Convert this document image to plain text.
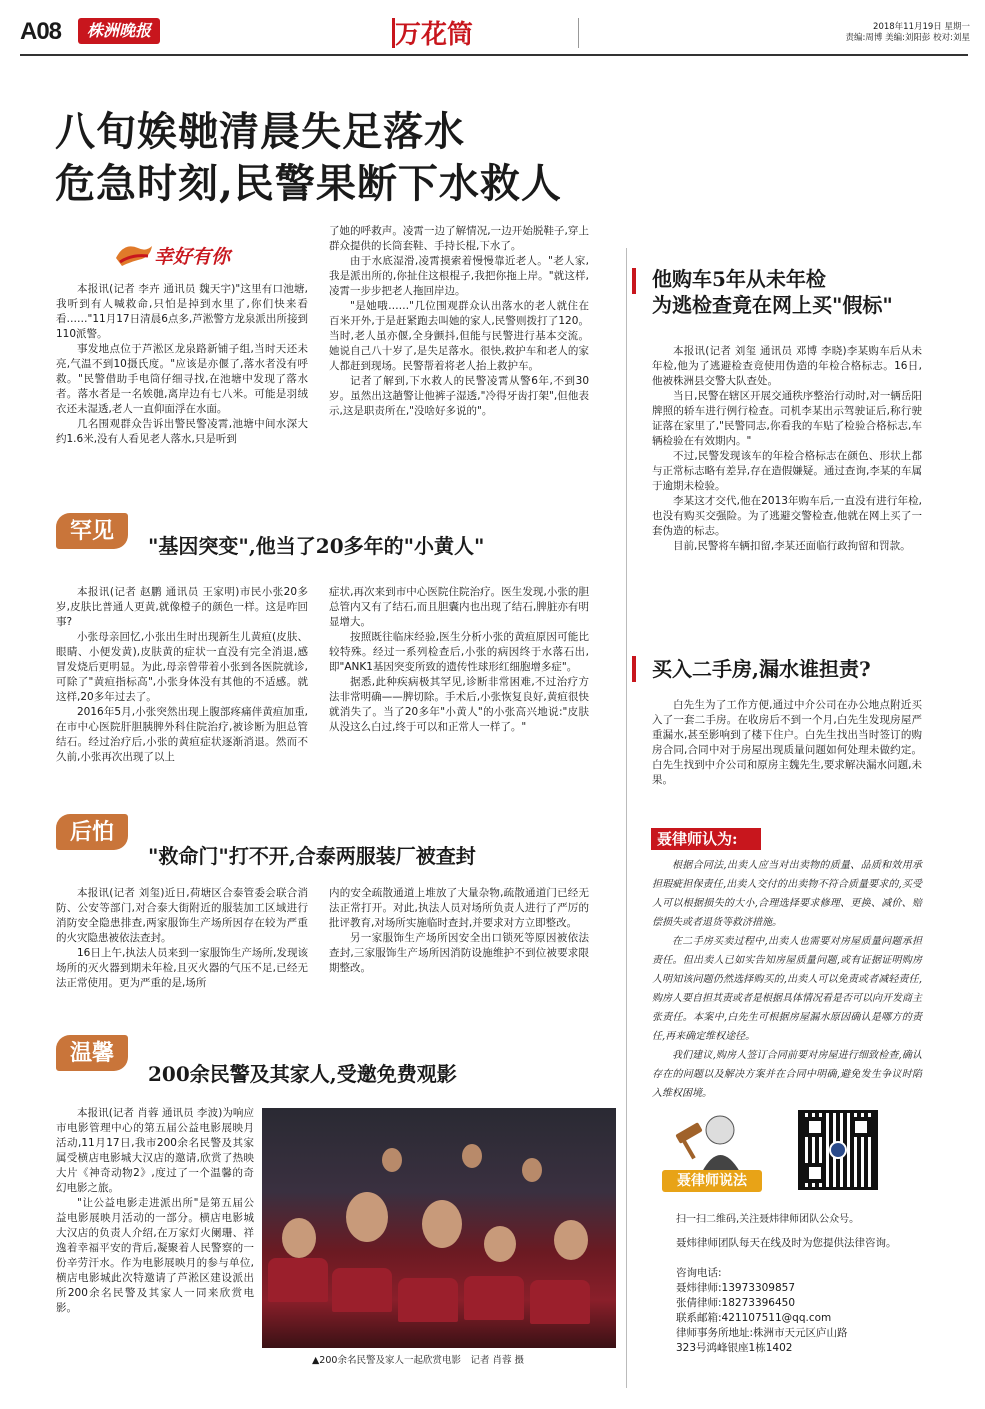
A08	株洲晚报	万花筒	2018年11月19日 星期一
责编:周博 美编:刘阳彭 校对:刘星
八旬娭毑清晨失足落水
危急时刻,民警果断下水救人
幸好有你

本报讯(记者 李卉 通讯员 魏天宇)"这里有口池塘,我听到有人喊救命,只怕是掉到水里了,你们快来看看……"11月17日清晨6点多,芦淞警方龙泉派出所接到110派警。

事发地点位于芦淞区龙泉路新铺子组,当时天还未亮,气温不到10摄氏度。"应该是亦偃了,落水者没有呼救。"民警借助手电筒仔细寻找,在池塘中发现了落水者。落水者是一名娭毑,离岸边有七八米。可能是羽绒衣还未湿透,老人一直仰面浮在水面。

几名围观群众告诉出警民警凌霄,池塘中间水深大约1.6米,没有人看见老人落水,只是听到

了她的呼救声。凌霄一边了解情况,一边开始脱鞋子,穿上群众提供的长筒套鞋、手持长棍,下水了。

由于水底湿滑,凌霄摸索着慢慢靠近老人。"老人家,我是派出所的,你扯住这根棍子,我把你拖上岸。"就这样,凌霄一步步把老人拖回岸边。

"是她哦……"几位围观群众认出落水的老人就住在百米开外,于是赶紧跑去叫她的家人,民警则拨打了120。当时,老人虽亦偃,全身颤抖,但能与民警进行基本交流。她说自己八十岁了,是失足落水。很快,救护车和老人的家人都赶到现场。民警帮着将老人抬上救护车。

记者了解到,下水救人的民警凌霄从警6年,不到30岁。虽然出这趟警让他裤子湿透,"冷得牙齿打架",但他表示,这是职责所在,"没啥好多说的"。

罕见
"基因突变",他当了20多年的"小黄人"

本报讯(记者 赵鹏 通讯员 王家明)市民小张20多岁,皮肤比普通人更黄,就像橙子的颜色一样。这是咋回事?

小张母亲回忆,小张出生时出现新生儿黄疸(皮肤、眼睛、小便发黄),皮肤黄的症状一直没有完全消退,感冒发烧后更明显。为此,母亲曾带着小张到各医院就诊,可除了"黄疸指标高",小张身体没有其他的不适感。就这样,20多年过去了。

2016年5月,小张突然出现上腹部疼痛伴黄疸加重,在市中心医院肝胆胰脾外科住院治疗,被诊断为胆总管结石。经过治疗后,小张的黄疸症状逐渐消退。然而不久前,小张再次出现了以上

症状,再次来到市中心医院住院治疗。医生发现,小张的胆总管内又有了结石,而且胆囊内也出现了结石,脾脏亦有明显增大。

按照既往临床经验,医生分析小张的黄疸原因可能比较特殊。经过一系列检查后,小张的病因终于水落石出,即"ANK1基因突变所致的遗传性球形红细胞增多症"。

据悉,此种疾病极其罕见,诊断非常困难,不过治疗方法非常明确——脾切除。手术后,小张恢复良好,黄疸很快就消失了。当了20多年"小黄人"的小张高兴地说:"皮肤从没这么白过,终于可以和正常人一样了。"

后怕
"救命门"打不开,合泰两服装厂被查封

本报讯(记者 刘玺)近日,荷塘区合泰管委会联合消防、公安等部门,对合泰大街附近的服装加工区域进行消防安全隐患排查,两家服饰生产场所因存在较为严重的火灾隐患被依法查封。

16日上午,执法人员来到一家服饰生产场所,发现该场所的灭火器到期未年检,且灭火器的气压不足,已经无法正常使用。更为严重的是,场所

内的安全疏散通道上堆放了大量杂物,疏散通道门已经无法正常打开。对此,执法人员对场所负责人进行了严厉的批评教育,对场所实施临时查封,并要求对方立即整改。

另一家服饰生产场所因安全出口锁死等原因被依法查封,三家服饰生产场所因消防设施维护不到位被要求限期整改。

温馨
200余民警及其家人,受邀免费观影

本报讯(记者 肖蓉 通讯员 李波)为响应市电影管理中心的第五届公益电影展映月活动,11月17日,我市200余名民警及其家属受横店电影城大汉店的邀请,欣赏了热映大片《神奇动物2》,度过了一个温馨的奇幻电影之旅。

"让公益电影走进派出所"是第五届公益电影展映月活动的一部分。横店电影城大汉店的负责人介绍,在万家灯火阑珊、祥逸着幸福平安的背后,凝聚着人民警察的一份辛劳汗水。作为电影展映月的参与单位,横店电影城此次特邀请了芦淞区建设派出所200余名民警及其家人一同来欣赏电影。

▲200余名民警及家人一起欣赏电影　记者 肖蓉 摄
他购车5年从未年检
为逃检查竟在网上买"假标"

本报讯(记者 刘玺 通讯员 邓博 李晓)李某购车后从未年检,他为了逃避检查竟使用伪造的年检合格标志。16日,他被株洲县交警大队查处。

当日,民警在辖区开展交通秩序整治行动时,对一辆岳阳牌照的轿车进行例行检查。司机李某出示驾驶证后,称行驶证落在家里了,"民警同志,你看我的车贴了检验合格标志,车辆检验在有效期内。"

不过,民警发现该车的年检合格标志在颜色、形状上都与正常标志略有差异,存在造假嫌疑。通过查询,李某的车属于逾期未检验。

李某这才交代,他在2013年购车后,一直没有进行年检,也没有购买交强险。为了逃避交警检查,他就在网上买了一套伪造的标志。

目前,民警将车辆扣留,李某还面临行政拘留和罚款。

买入二手房,漏水谁担责?

白先生为了工作方便,通过中介公司在办公地点附近买入了一套二手房。在收房后不到一个月,白先生发现房屋严重漏水,甚至影响到了楼下住户。白先生找出当时签订的购房合同,合同中对于房屋出现质量问题如何处理未做约定。白先生找到中介公司和原房主魏先生,要求解决漏水问题,未果。

聂律师认为:

根据合同法,出卖人应当对出卖物的质量、品质和效用承担瑕疵担保责任,出卖人交付的出卖物不符合质量要求的,买受人可以根据损失的大小,合理选择要求修理、更换、减价、赔偿损失或者退货等救济措施。

在二手房买卖过程中,出卖人也需要对房屋质量问题承担责任。但出卖人已如实告知房屋质量问题,或有证据证明购房人明知该问题仍然选择购买的,出卖人可以免责或者减轻责任,购房人要自担其责或者是根据具体情况看是否可以向开发商主张责任。本案中,白先生可根据房屋漏水原因确认是哪方的责任,再来确定维权途径。

我们建议,购房人签订合同前要对房屋进行细致检查,确认存在的问题以及解决方案并在合同中明确,避免发生争议时陷入维权困境。

聂律师说法
扫一扫二维码,关注聂炜律师团队公众号。
聂炜律师团队每天在线及时为您提供法律咨询。
咨询电话:
聂炜律师:13973309857
张倩律师:18273396450
联系邮箱:421107511@qq.com
律师事务所地址:株洲市天元区庐山路
323号鸿峰银座1栋1402
